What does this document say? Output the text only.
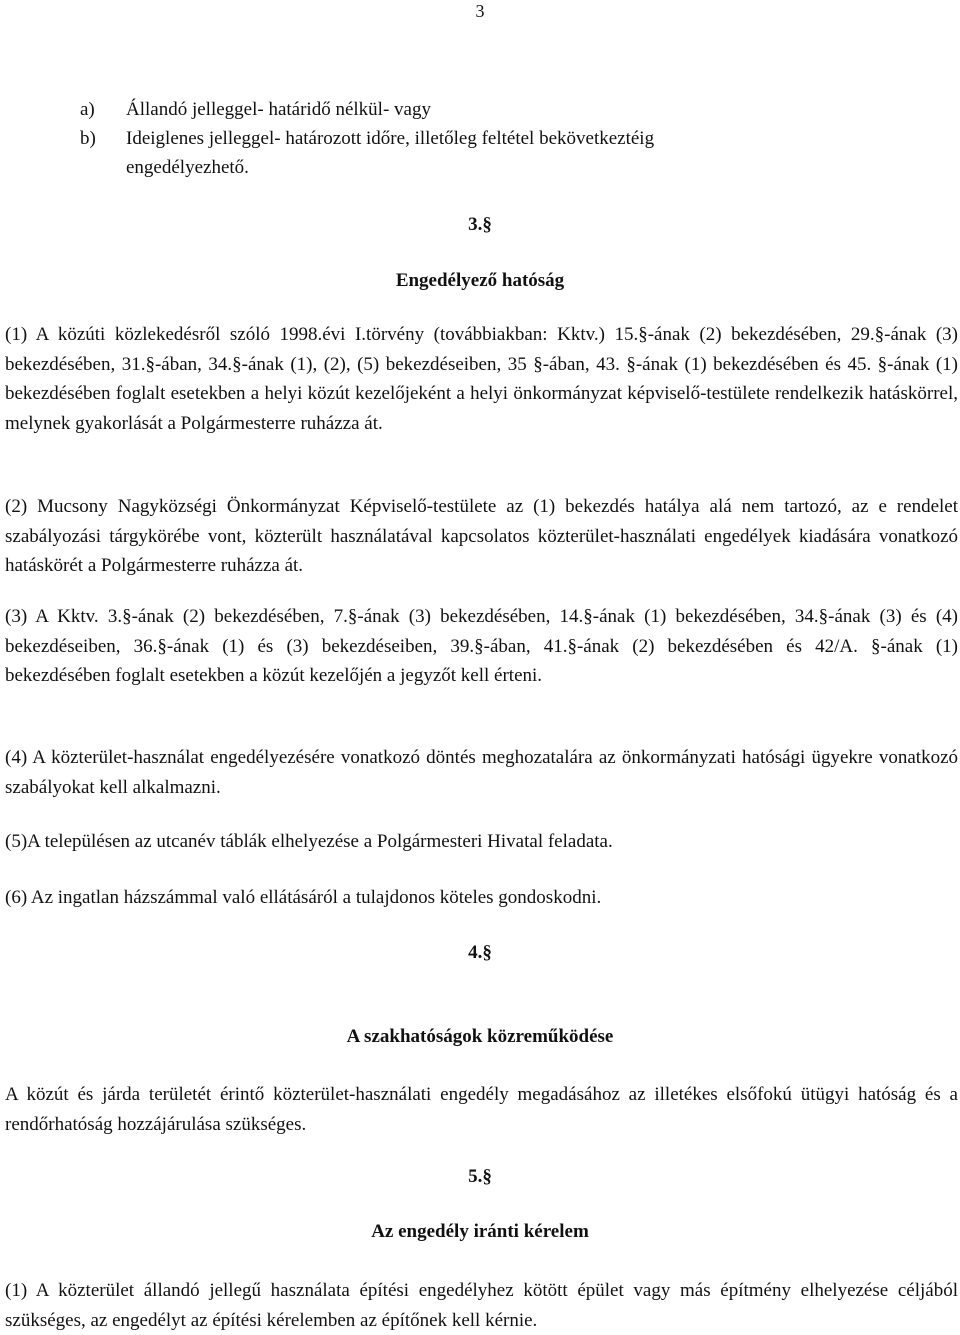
3
a) Állandó jelleggel- határidő nélkül- vagy
b) Ideiglenes jelleggel- határozott időre, illetőleg feltétel bekövetkeztéig
engedélyezhető.
3.§
Engedélyező hatóság
(1) A közúti közlekedésről szóló 1998.évi I.törvény (továbbiakban: Kktv.) 15.§-ának (2) bekezdésében, 29.§-ának (3) bekezdésében, 31.§-ában, 34.§-ának (1), (2), (5) bekezdéseiben, 35 §-ában, 43. §-ának (1) bekezdésében és 45. §-ának (1) bekezdésében foglalt esetekben a helyi közút kezelőjeként a helyi önkormányzat képviselő-testülete rendelkezik hatáskörrel, melynek gyakorlását a Polgármesterre ruházza át.
(2) Mucsony Nagyközségi Önkormányzat Képviselő-testülete az (1) bekezdés hatálya alá nem tartozó, az e rendelet szabályozási tárgykörébe vont, közterült használatával kapcsolatos közterület-használati engedélyek kiadására vonatkozó hatáskörét a Polgármesterre ruházza át.
(3) A Kktv. 3.§-ának (2) bekezdésében, 7.§-ának (3) bekezdésében, 14.§-ának (1) bekezdésében, 34.§-ának (3) és (4) bekezdéseiben, 36.§-ának (1) és (3) bekezdéseiben, 39.§-ában, 41.§-ának (2) bekezdésében és 42/A. §-ának (1) bekezdésében foglalt esetekben a közút kezelőjén a jegyzőt kell érteni.
(4) A közterület-használat engedélyezésére vonatkozó döntés meghozatalára az önkormányzati hatósági ügyekre vonatkozó szabályokat kell alkalmazni.
(5)A településen az utcanév táblák elhelyezése a Polgármesteri Hivatal feladata.
(6) Az ingatlan házszámmal való ellátásáról a tulajdonos köteles gondoskodni.
4.§
A szakhatóságok közreműködése
A közút és járda területét érintő közterület-használati engedély megadásához az illetékes elsőfokú ütügyi hatóság és a rendőrhatóság hozzájárulása szükséges.
5.§
Az engedély iránti kérelem
(1) A közterület állandó jellegű használata építési engedélyhez kötött épület vagy más építmény elhelyezése céljából szükséges, az engedélyt az építési kérelemben az építőnek kell kérnie.
